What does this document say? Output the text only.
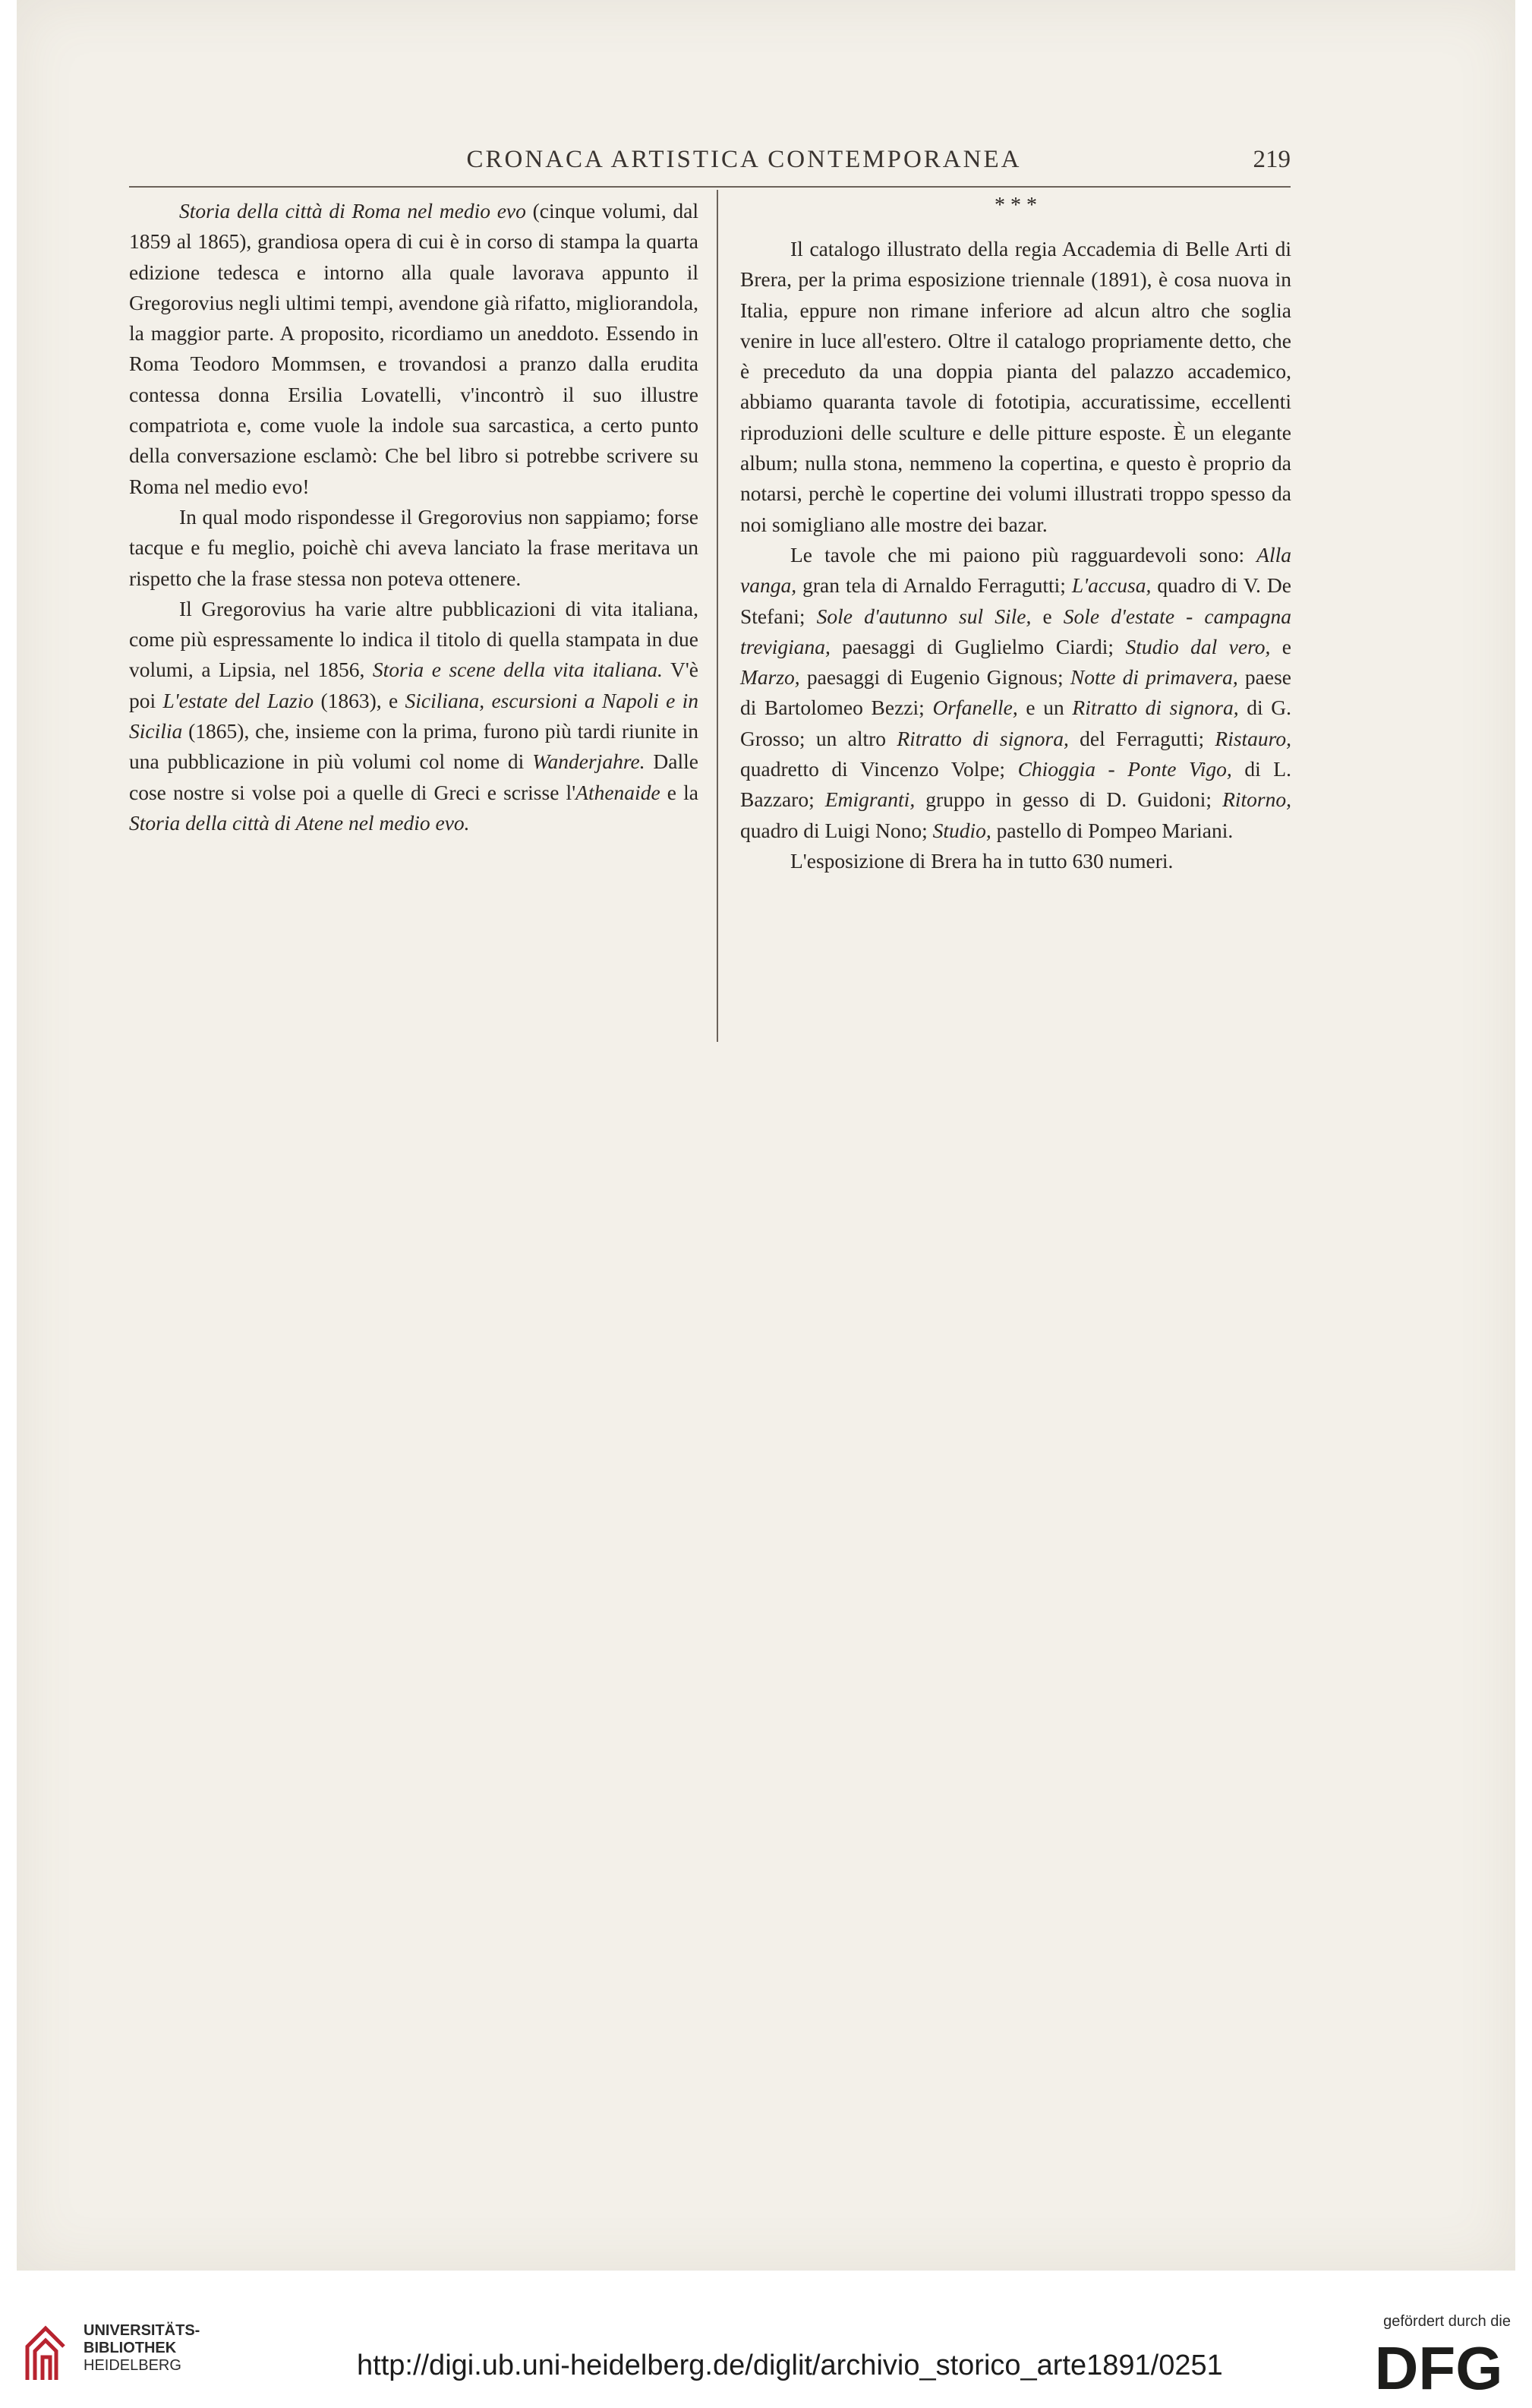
CRONACA ARTISTICA CONTEMPORANEA	219

Storia della città di Roma nel medio evo (cinque volumi, dal 1859 al 1865), grandiosa opera di cui è in corso di stampa la quarta edizione tedesca e intorno alla quale lavorava appunto il Gregorovius negli ultimi tempi, avendone già rifatto, migliorandola, la maggior parte. A proposito, ricordiamo un aneddoto. Essendo in Roma Teodoro Mommsen, e trovandosi a pranzo dalla erudita contessa donna Ersilia Lovatelli, v'incontrò il suo illustre compatriota e, come vuole la indole sua sarcastica, a certo punto della conversazione esclamò: Che bel libro si potrebbe scrivere su Roma nel medio evo!

In qual modo rispondesse il Gregorovius non sappiamo; forse tacque e fu meglio, poichè chi aveva lanciato la frase meritava un rispetto che la frase stessa non poteva ottenere.

Il Gregorovius ha varie altre pubblicazioni di vita italiana, come più espressamente lo indica il titolo di quella stampata in due volumi, a Lipsia, nel 1856, Storia e scene della vita italiana. V'è poi L'estate del Lazio (1863), e Siciliana, escursioni a Napoli e in Sicilia (1865), che, insieme con la prima, furono più tardi riunite in una pubblicazione in più volumi col nome di Wanderjahre. Dalle cose nostre si volse poi a quelle di Greci e scrisse l'Athenaide e la Storia della città di Atene nel medio evo.

* * *

Il catalogo illustrato della regia Accademia di Belle Arti di Brera, per la prima esposizione triennale (1891), è cosa nuova in Italia, eppure non rimane inferiore ad alcun altro che soglia venire in luce all'estero. Oltre il catalogo propriamente detto, che è preceduto da una doppia pianta del palazzo accademico, abbiamo quaranta tavole di fototipia, accuratissime, eccellenti riproduzioni delle sculture e delle pitture esposte. È un elegante album; nulla stona, nemmeno la copertina, e questo è proprio da notarsi, perchè le copertine dei volumi illustrati troppo spesso da noi somigliano alle mostre dei bazar.

Le tavole che mi paiono più ragguardevoli sono: Alla vanga, gran tela di Arnaldo Ferragutti; L'accusa, quadro di V. De Stefani; Sole d'autunno sul Sile, e Sole d'estate - campagna trevigiana, paesaggi di Guglielmo Ciardi; Studio dal vero, e Marzo, paesaggi di Eugenio Gignous; Notte di primavera, paese di Bartolomeo Bezzi; Orfanelle, e un Ritratto di signora, di G. Grosso; un altro Ritratto di signora, del Ferragutti; Ristauro, quadretto di Vincenzo Volpe; Chioggia - Ponte Vigo, di L. Bazzaro; Emigranti, gruppo in gesso di D. Guidoni; Ritorno, quadro di Luigi Nono; Studio, pastello di Pompeo Mariani.

L'esposizione di Brera ha in tutto 630 numeri.

UNIVERSITÄTS-
BIBLIOTHEK
HEIDELBERG	http://digi.ub.uni-heidelberg.de/diglit/archivio_storico_arte1891/0251
gefördert durch die
DFG
